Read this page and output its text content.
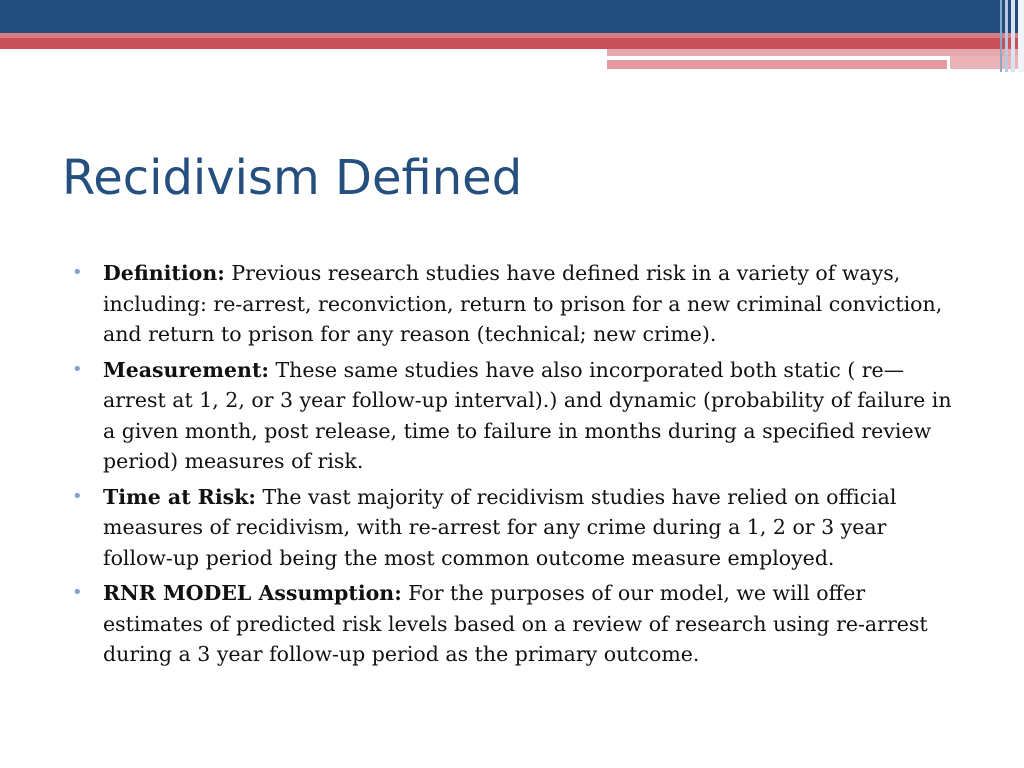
Recidivism Defined
• Definition: Previous research studies have defined risk in a variety of ways, including: re-arrest, reconviction, return to prison for a new criminal conviction, and return to prison for any reason (technical; new crime).
• Measurement: These same studies have also incorporated both static ( re—arrest at 1, 2, or 3 year follow-up interval).) and dynamic (probability of failure in a given month, post release, time to failure in months during a specified review period) measures of risk.
• Time at Risk: The vast majority of recidivism studies have relied on official measures of recidivism, with re-arrest for any crime during a 1, 2 or 3 year follow-up period being the most common outcome measure employed.
• RNR MODEL Assumption: For the purposes of our model, we will offer estimates of predicted risk levels based on a review of research using re-arrest during a 3 year follow-up period as the primary outcome.
